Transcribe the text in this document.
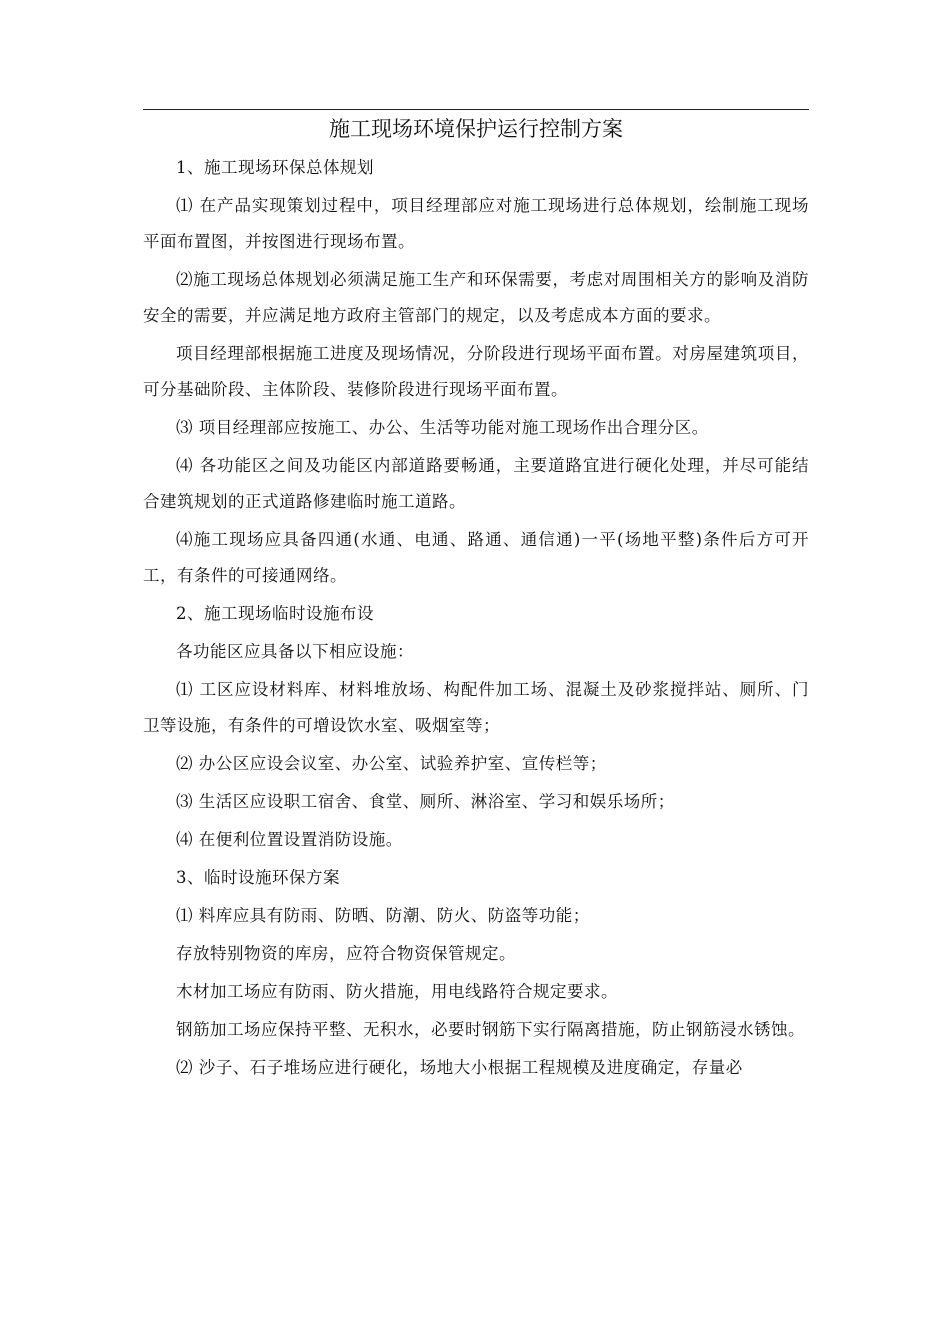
施工现场环境保护运行控制方案

1、施工现场环保总体规划

⑴ 在产品实现策划过程中，项目经理部应对施工现场进行总体规划，绘制施工现场平面布置图，并按图进行现场布置。

⑵施工现场总体规划必须满足施工生产和环保需要，考虑对周围相关方的影响及消防安全的需要，并应满足地方政府主管部门的规定，以及考虑成本方面的要求。

项目经理部根据施工进度及现场情况，分阶段进行现场平面布置。对房屋建筑项目，可分基础阶段、主体阶段、装修阶段进行现场平面布置。

⑶ 项目经理部应按施工、办公、生活等功能对施工现场作出合理分区。

⑷ 各功能区之间及功能区内部道路要畅通，主要道路宜进行硬化处理，并尽可能结合建筑规划的正式道路修建临时施工道路。

⑷施工现场应具备四通(水通、电通、路通、通信通)一平(场地平整)条件后方可开工，有条件的可接通网络。

2、施工现场临时设施布设

各功能区应具备以下相应设施：

⑴ 工区应设材料库、材料堆放场、构配件加工场、混凝土及砂浆搅拌站、厕所、门卫等设施，有条件的可增设饮水室、吸烟室等；

⑵ 办公区应设会议室、办公室、试验养护室、宣传栏等；

⑶ 生活区应设职工宿舍、食堂、厕所、淋浴室、学习和娱乐场所；

⑷ 在便利位置设置消防设施。

3、临时设施环保方案

⑴ 料库应具有防雨、防晒、防潮、防火、防盗等功能；

存放特别物资的库房，应符合物资保管规定。

木材加工场应有防雨、防火措施，用电线路符合规定要求。

钢筋加工场应保持平整、无积水，必要时钢筋下实行隔离措施，防止钢筋浸水锈蚀。

⑵ 沙子、石子堆场应进行硬化，场地大小根据工程规模及进度确定，存量必
